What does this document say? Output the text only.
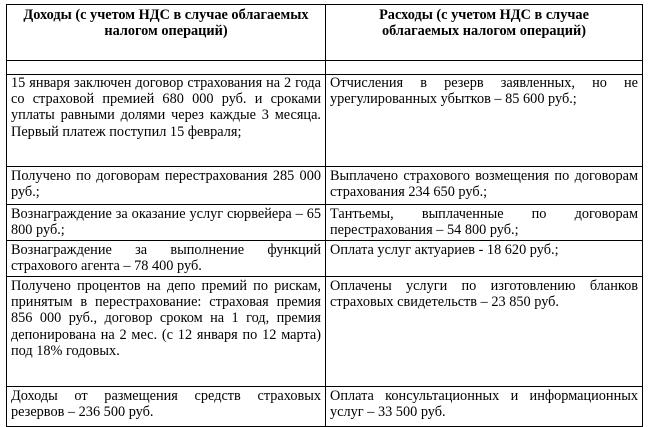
Доходы (с учетом НДС в случае облагаемых налогом операций)	Расходы (с учетом НДС в случае облагаемых налогом операций)

15 января заключен договор страхования на 2 года со страховой премией 680 000 руб. и сроками уплаты равными долями через каждые 3 месяца. Первый платеж поступил 15 февраля;	Отчисления в резерв заявленных, но не урегулированных убытков – 85 600 руб.;
Получено по договорам перестрахования 285 000 руб.;	Выплачено страхового возмещения по договорам страхования 234 650 руб.;
Вознаграждение за оказание услуг сюрвейера – 65 800 руб.;	Тантьемы, выплаченные по договорам перестрахования – 54 800 руб.;
Вознаграждение за выполнение функций страхового агента – 78 400 руб.	Оплата услуг актуариев - 18 620 руб.;
Получено процентов на депо премий по рискам, принятым в перестрахование: страховая премия 856 000 руб., договор сроком на 1 год, премия депонирована на 2 мес. (с 12 января по 12 марта) под 18% годовых.	Оплачены услуги по изготовлению бланков страховых свидетельств – 23 850 руб.
Доходы от размещения средств страховых резервов – 236 500 руб.	Оплата консультационных и информационных услуг – 33 500 руб.
